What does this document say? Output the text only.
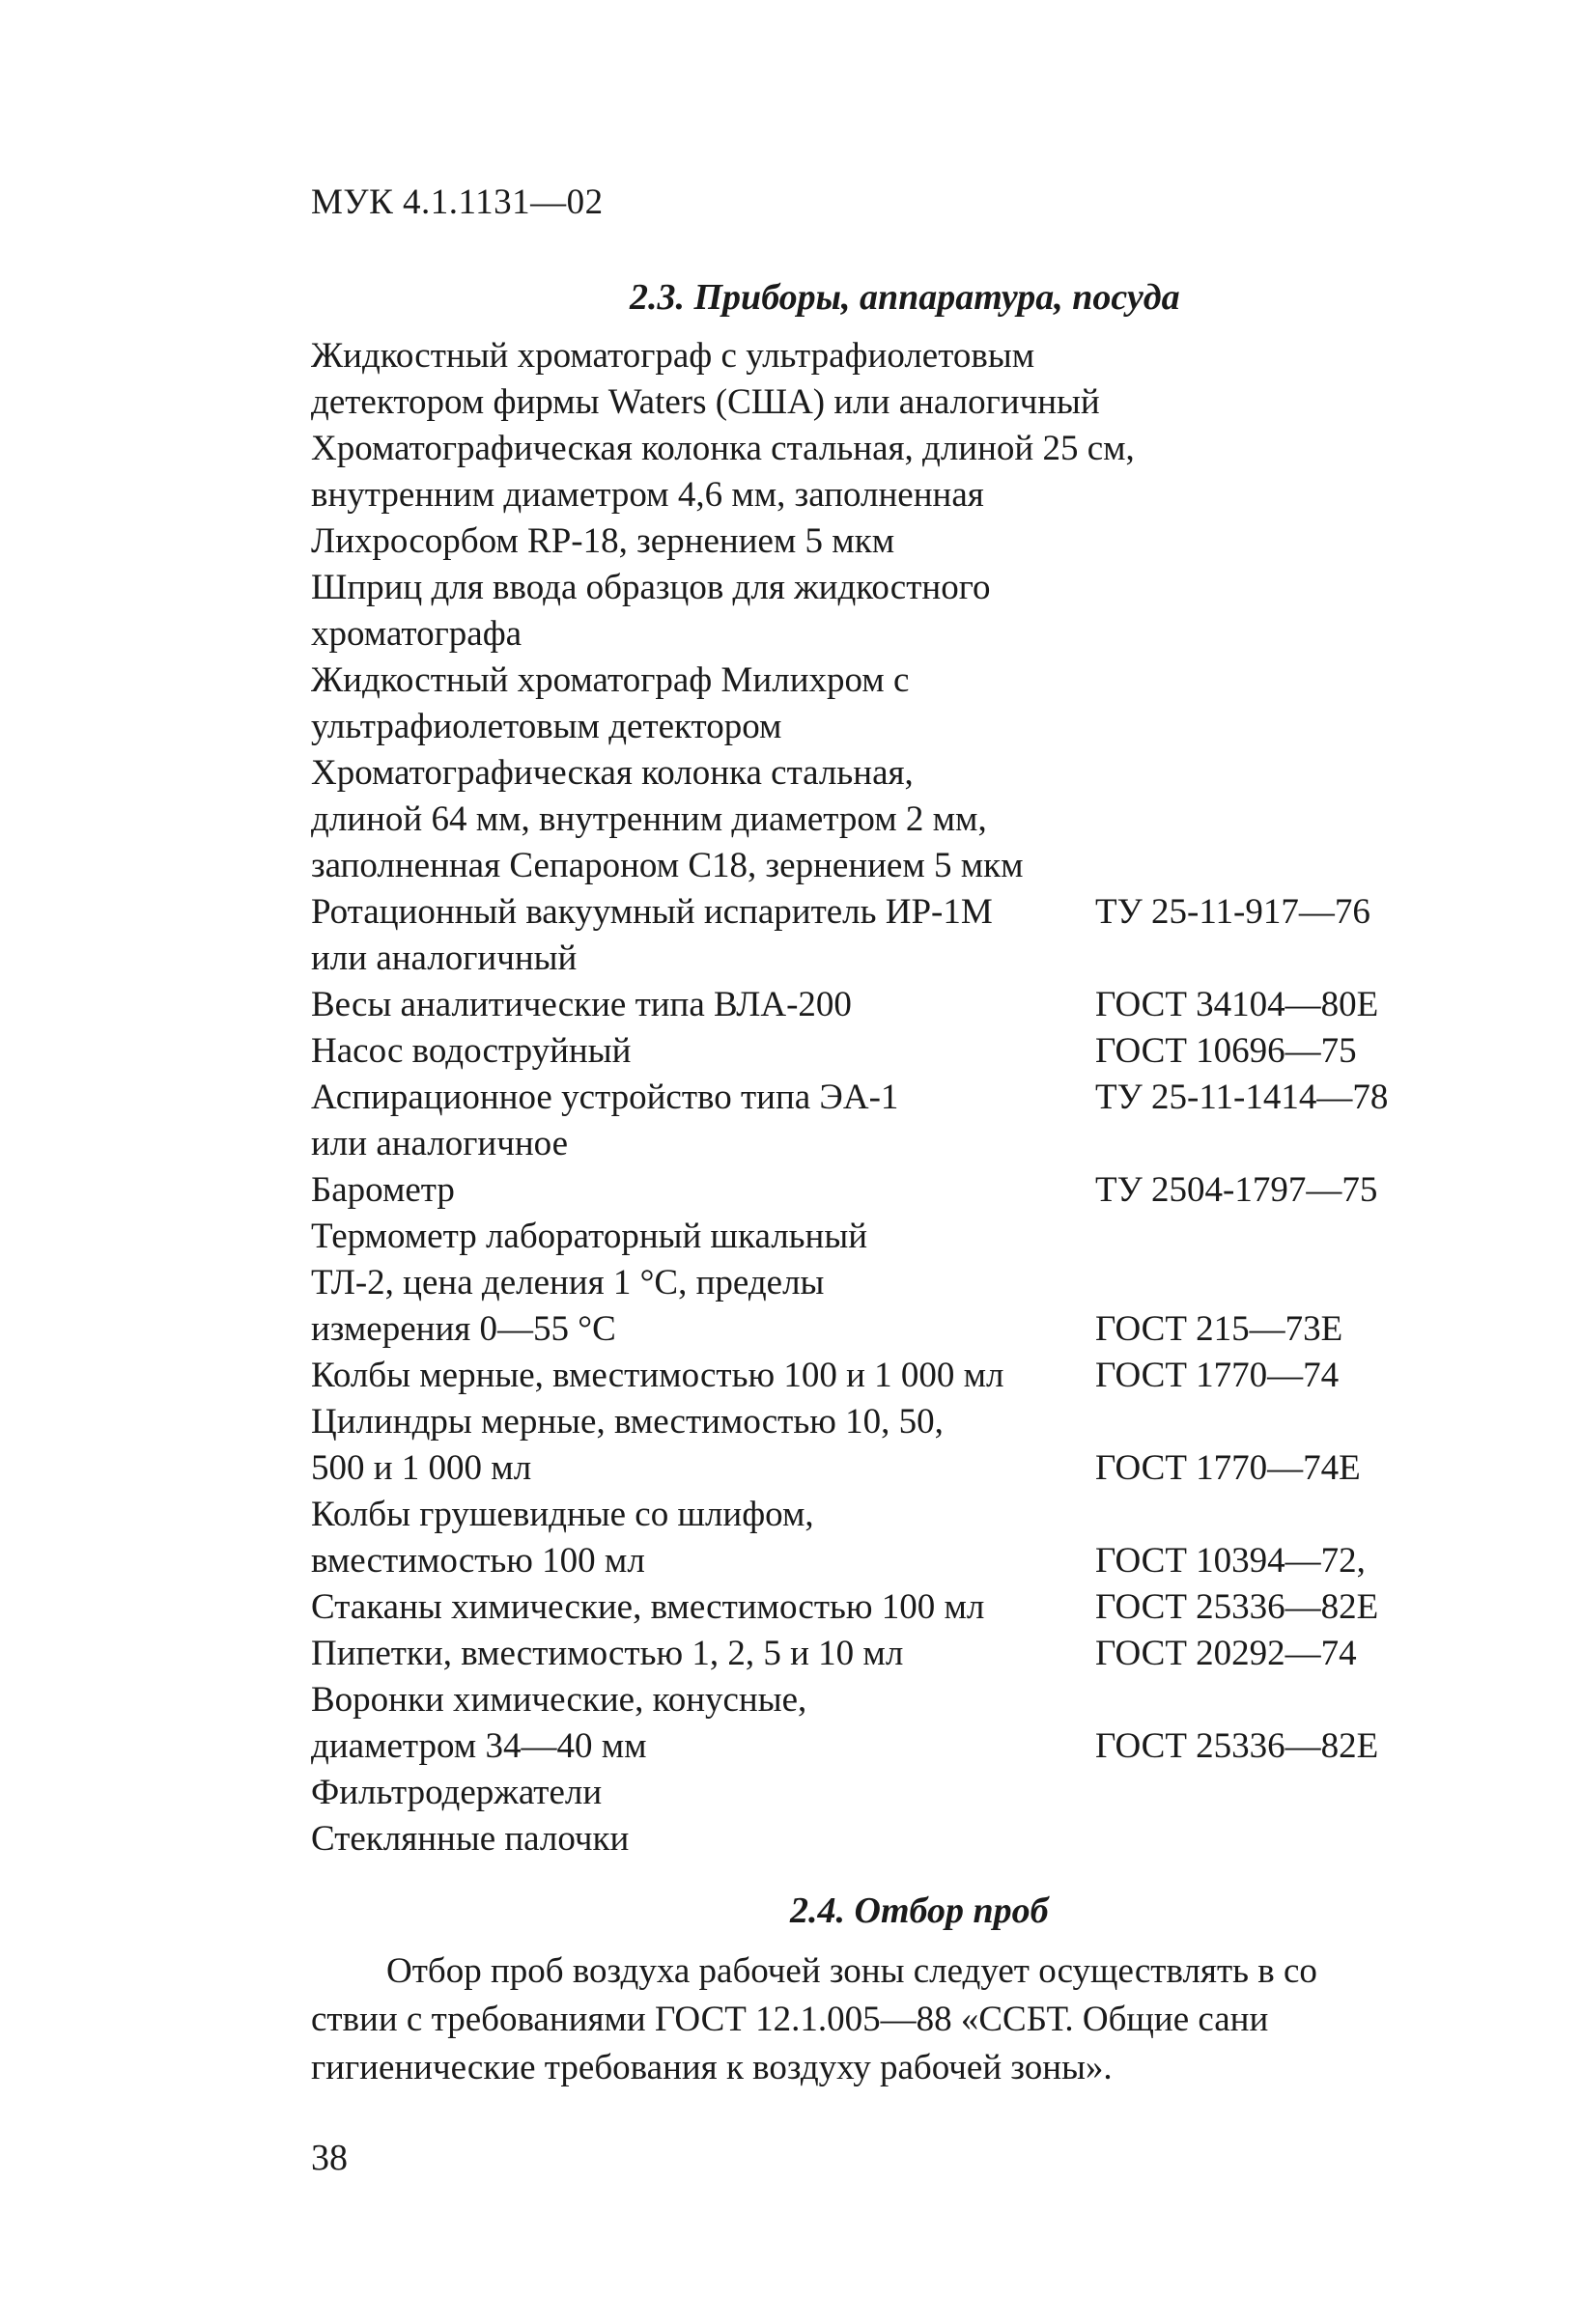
МУК 4.1.1131—02
2.3. Приборы, аппаратура, посуда
Жидкостный хроматограф с ультрафиолетовым
детектором фирмы Waters (США) или аналогичный
Хроматографическая колонка стальная, длиной 25 см,
внутренним диаметром 4,6 мм, заполненная
Лихросорбом RP-18, зернением 5 мкм
Шприц для ввода образцов для жидкостного
хроматографа
Жидкостный хроматограф Милихром с
ультрафиолетовым детектором
Хроматографическая колонка стальная,
длиной 64 мм, внутренним диаметром 2 мм,
заполненная Сепароном С18, зернением 5 мкм
Ротационный вакуумный испаритель ИР-1М	ТУ 25-11-917—76
или аналогичный
Весы аналитические типа ВЛА-200	ГОСТ 34104—80Е
Насос водоструйный	ГОСТ 10696—75
Аспирационное устройство типа ЭА-1	ТУ 25-11-1414—78
или аналогичное
Барометр	ТУ 2504-1797—75
Термометр лабораторный шкальный
ТЛ-2, цена деления 1 °С, пределы
измерения 0—55 °С	ГОСТ 215—73Е
Колбы мерные, вместимостью 100 и 1 000 мл	ГОСТ 1770—74
Цилиндры мерные, вместимостью 10, 50,
500 и 1 000 мл	ГОСТ 1770—74Е
Колбы грушевидные со шлифом,
вместимостью 100 мл	ГОСТ 10394—72,
Стаканы химические, вместимостью 100 мл	ГОСТ 25336—82Е
Пипетки, вместимостью 1, 2, 5 и 10 мл	ГОСТ 20292—74
Воронки химические, конусные,
диаметром 34—40 мм	ГОСТ 25336—82Е
Фильтродержатели
Стеклянные палочки
2.4. Отбор проб
Отбор проб воздуха рабочей зоны следует осуществлять в со
ствии с требованиями ГОСТ 12.1.005—88 «ССБТ. Общие сани
гигиенические требования к воздуху рабочей зоны».
38
